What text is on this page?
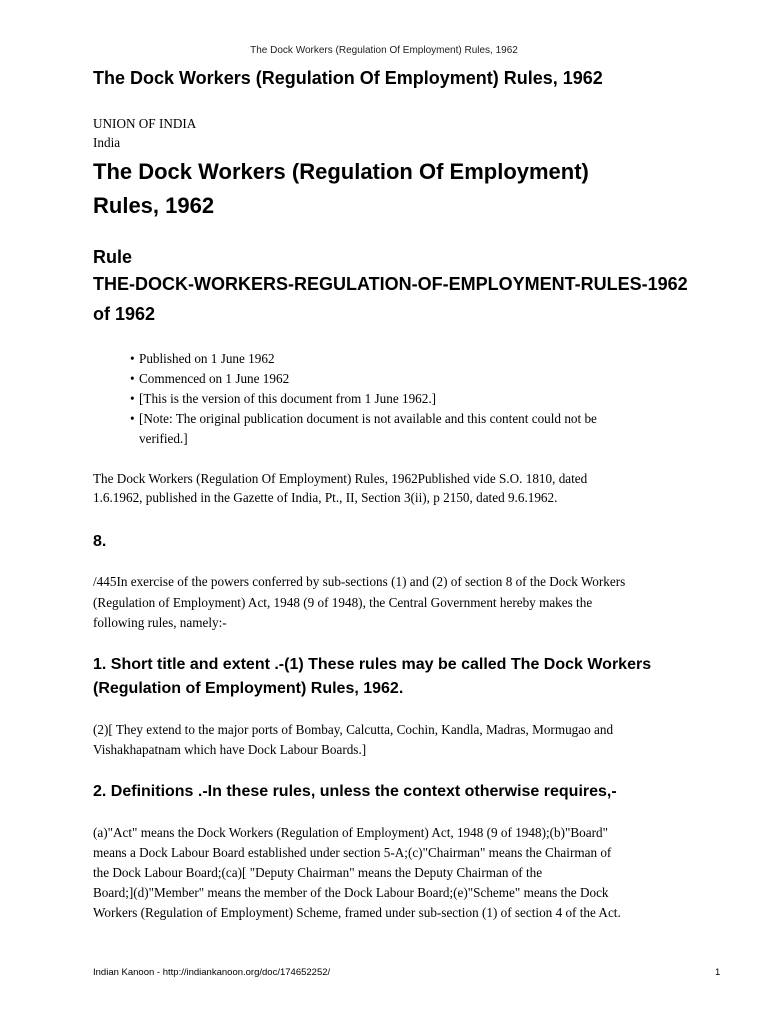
The Dock Workers (Regulation Of Employment) Rules, 1962
The Dock Workers (Regulation Of Employment) Rules, 1962
UNION OF INDIA
India
The Dock Workers (Regulation Of Employment)
Rules, 1962
Rule
THE-DOCK-WORKERS-REGULATION-OF-EMPLOYMENT-RULES-1962
of 1962
• Published on 1 June 1962
• Commenced on 1 June 1962
• [This is the version of this document from 1 June 1962.]
• [Note: The original publication document is not available and this content could not be
verified.]
The Dock Workers (Regulation Of Employment) Rules, 1962Published vide S.O. 1810, dated
1.6.1962, published in the Gazette of India, Pt., II, Section 3(ii), p 2150, dated 9.6.1962.
8.
/445In exercise of the powers conferred by sub-sections (1) and (2) of section 8 of the Dock Workers
(Regulation of Employment) Act, 1948 (9 of 1948), the Central Government hereby makes the
following rules, namely:-
1. Short title and extent .-(1) These rules may be called The Dock Workers
(Regulation of Employment) Rules, 1962.
(2)[ They extend to the major ports of Bombay, Calcutta, Cochin, Kandla, Madras, Mormugao and
Vishakhapatnam which have Dock Labour Boards.]
2. Definitions .-In these rules, unless the context otherwise requires,-
(a)"Act" means the Dock Workers (Regulation of Employment) Act, 1948 (9 of 1948);(b)"Board"
means a Dock Labour Board established under section 5-A;(c)"Chairman" means the Chairman of
the Dock Labour Board;(ca)[ "Deputy Chairman" means the Deputy Chairman of the
Board;](d)"Member" means the member of the Dock Labour Board;(e)"Scheme" means the Dock
Workers (Regulation of Employment) Scheme, framed under sub-section (1) of section 4 of the Act.
Indian Kanoon - http://indiankanoon.org/doc/174652252/	1
